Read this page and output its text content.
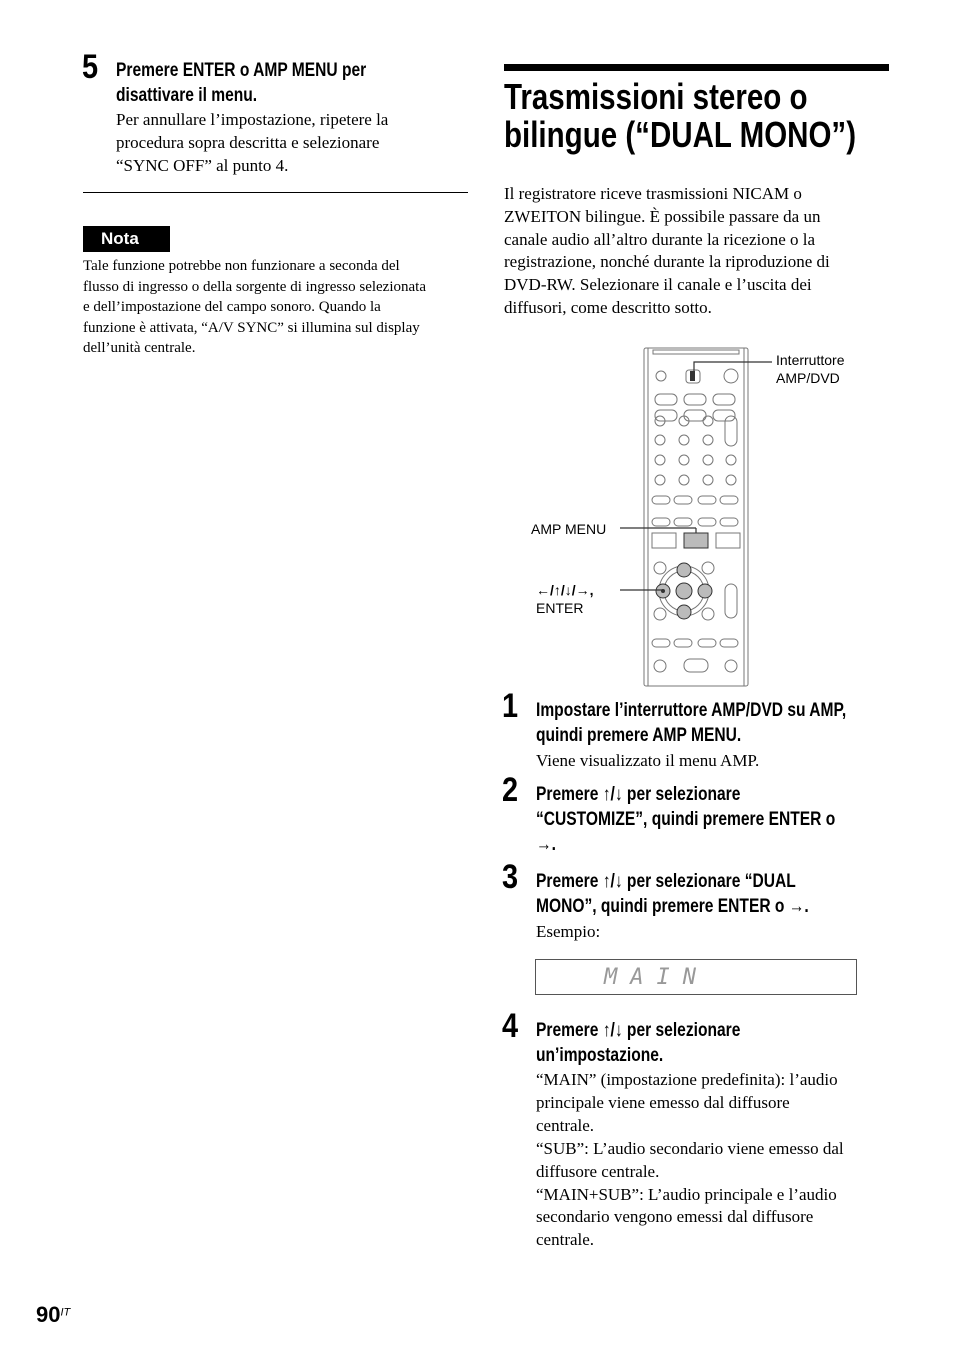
5 Premere ENTER o AMP MENU per
disattivare il menu.
Per annullare l’impostazione, ripetere la
procedura sopra descritta e selezionare
“SYNC OFF” al punto 4.
Nota
Tale funzione potrebbe non funzionare a seconda del
flusso di ingresso o della sorgente di ingresso selezionata
e dell’impostazione del campo sonoro. Quando la
funzione è attivata, “A/V SYNC” si illumina sul display
dell’unità centrale.
Trasmissioni stereo o
bilingue (“DUAL MONO”)
Il registratore riceve trasmissioni NICAM o
ZWEITON bilingue. È possibile passare da un
canale audio all’altro durante la ricezione o la
registrazione, nonché durante la riproduzione di
DVD-RW. Selezionare il canale e l’uscita dei
diffusori, come descritto sotto.
Interruttore
AMP/DVD
AMP MENU
←/↑/↓/→,
ENTER
1 Impostare l’interruttore AMP/DVD su AMP,
quindi premere AMP MENU.
Viene visualizzato il menu AMP.
2 Premere ↑/↓ per selezionare
“CUSTOMIZE”, quindi premere ENTER o
→.
3 Premere ↑/↓ per selezionare “DUAL
MONO”, quindi premere ENTER o →.
Esempio:
MAIN
4 Premere ↑/↓ per selezionare
un’impostazione.
“MAIN” (impostazione predefinita): l’audio
principale viene emesso dal diffusore
centrale.
“SUB”: L’audio secondario viene emesso dal
diffusore centrale.
“MAIN+SUB”: L’audio principale e l’audio
secondario vengono emessi dal diffusore
centrale.
$90^{IT}$
